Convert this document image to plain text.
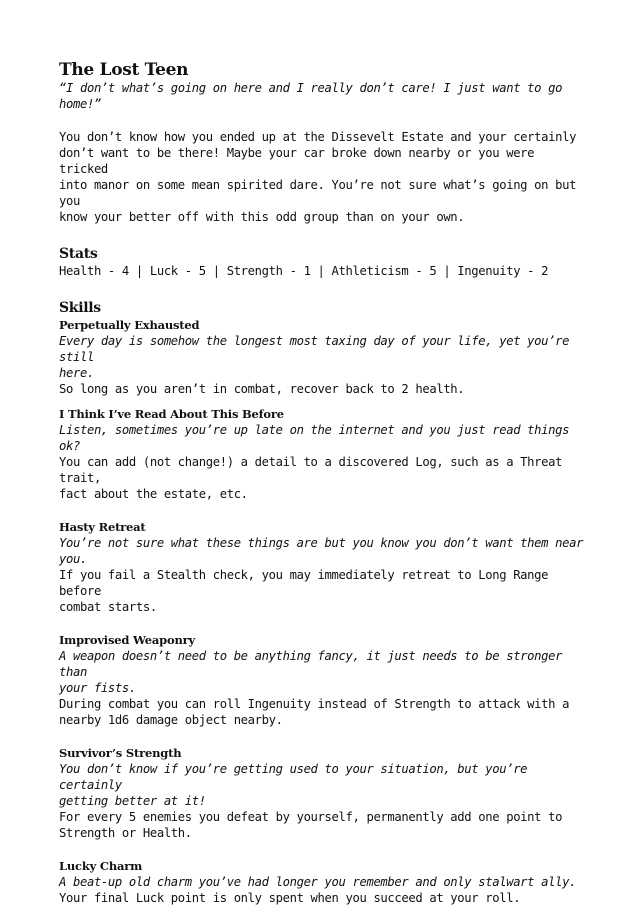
The Lost Teen
“I don’t what’s going on here and I really don’t care! I just want to go home!”
You don’t know how you ended up at the Dissevelt Estate and your certainly
don’t want to be there! Maybe your car broke down nearby or you were tricked
into manor on some mean spirited dare. You’re not sure what’s going on but you
know your better off with this odd group than on your own.
Stats
Health - 4 | Luck - 5 | Strength - 1 | Athleticism - 5 | Ingenuity - 2
Skills
Perpetually Exhausted
Every day is somehow the longest most taxing day of your life, yet you’re still
here.
So long as you aren’t in combat, recover back to 2 health.
I Think I’ve Read About This Before
Listen, sometimes you’re up late on the internet and you just read things ok?
You can add (not change!) a detail to a discovered Log, such as a Threat trait,
fact about the estate, etc.
Hasty Retreat
You’re not sure what these things are but you know you don’t want them near
you.
If you fail a Stealth check, you may immediately retreat to Long Range before
combat starts.
Improvised Weaponry
A weapon doesn’t need to be anything fancy, it just needs to be stronger than
your fists.
During combat you can roll Ingenuity instead of Strength to attack with a
nearby 1d6 damage object nearby.
Survivor’s Strength
You don’t know if you’re getting used to your situation, but you’re certainly
getting better at it!
For every 5 enemies you defeat by yourself, permanently add one point to
Strength or Health.
Lucky Charm
A beat-up old charm you’ve had longer you remember and only stalwart ally.
Your final Luck point is only spent when you succeed at your roll.
